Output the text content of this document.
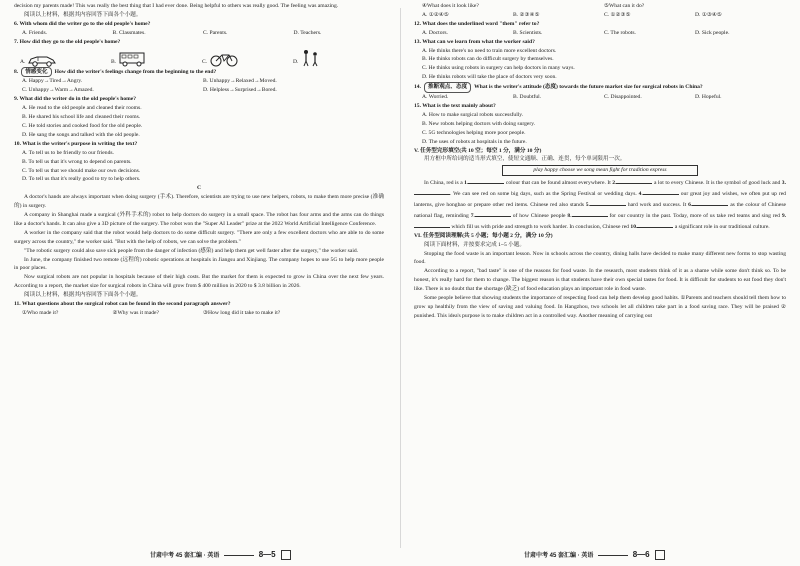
decision my parents made! This was really the best thing that I had ever done. Being helpful to others was really good. The feeling was amazing.

阅读以上材料，根据其内容回答下面各个小题。

6. With whom did the writer go to the old people's home?

A. Friends.	B. Classmates.	C. Parents.	D. Teachers.

7. How did they go to the old people's home?

A.	B.	C.	D.

8. 情感变化 How did the writer's feelings change from the beginning to the end?

A. Happy→Tired→Angry.	B. Unhappy→Relaxed→Moved.
C. Unhappy→Warm→Amazed.	D. Helpless→Surprised→Bored.

9. What did the writer do in the old people's home?

A. He read to the old people and cleaned their rooms.

B. He shared his school life and cleaned their rooms.

C. He told stories and cooked food for the old people.

D. He sang the songs and talked with the old people.

10. What is the writer's purpose in writing the text?

A. To tell us to be friendly to our friends.

B. To tell us that it's wrong to depend on parents.

C. To tell us that we should make our own decisions.

D. To tell us that it's really good to try to help others.

C

A doctor's hands are always important when doing surgery (手术). Therefore, scientists are trying to use new helpers, robots, to make them more precise (准确的) in surgery.

A company in Shanghai made a surgical (外科手术的) robot to help doctors do surgery in a small space. The robot has four arms and the arms can do things like a doctor's hands. It can also give a 3D picture of the surgery. The robot won the "Super AI Leader" prize at the 2022 World Artificial Intelligence Conference.

A worker in the company said that the robot would help doctors to do some difficult surgery. "There are only a few excellent doctors who are able to do some surgery across the country," the worker said. "But with the help of robots, we can solve the problem."

"The robotic surgery could also save sick people from the danger of infection (感染) and help them get well faster after the surgery," the worker said.

In June, the company finished two remote (远程的) robotic operations at hospitals in Jiangsu and Xinjiang. The company hopes to use 5G to help more people in poor places.

Now surgical robots are not popular in hospitals because of their high costs. But the market for them is expected to grow in China over the next few years. According to a report, the market size for surgical robots in China will grow from $ 400 million in 2020 to $ 3.8 billion in 2026.

阅读以上材料，根据其内容回答下面各个小题。

11. What questions about the surgical robot can be found in the second paragraph answer?

①Who made it?	②Why was it made?	③How long did it take to make it?
甘肃中考 45 套汇编 · 英语	8—5
④What does it look like?	⑤What can it do?
A. ①②④⑤	B. ②③④⑤	C. ①②③⑤	D. ①③④⑤

12. What does the underlined word "them" refer to?

A. Doctors.	B. Scientists.	C. The robots.	D. Sick people.

13. What can we learn from what the worker said?

A. He thinks there's no need to train more excellent doctors.

B. He thinks robots can do difficult surgery by themselves.

C. He thinks using robots in surgery can help doctors in many ways.

D. He thinks robots will take the place of doctors very soon.

14. 推断观点、态度 What is the writer's attitude (态度) towards the future market size for surgical robots in China?

A. Worried.	B. Doubtful.	C. Disappointed.	D. Hopeful.

15. What is the text mainly about?

A. How to make surgical robots successfully.

B. New robots helping doctors with doing surgery.

C. 5G technologies helping more poor people.

D. The uses of robots at hospitals in the future.

V. 任务型完形填空(共 10 空；每空 1 分，满分 10 分)

用方框中所给词的适当形式填空，使短文通顺、正确、连贯，每个单词限用一次。

play happy choose we song mean fight for tradition express

In China, red is a 1.	colour that can be found almost everywhere. It 2.	a lot to every Chinese. It is the symbol of good luck and 3.. We can see red on some big days, such as the Spring Festival or wedding days. 4.	our great joy and wishes, we often put up red lanterns, give hongbao or prepare other red items. Chinese red also stands 5.	hard work and success. It 6.	as the colour of Chinese national flag, reminding 7.	of how Chinese people 8.	for our country in the past. Today, more of us take red teams and sing red 9. which fill us with pride and strength to work harder. In conclusion, Chinese red 10.	a significant role in our traditional culture.

VI. 任务型阅读理解(共 5 小题；每小题 2 分，满分 10 分)

阅读下面材料，并按要求完成 1~5 小题。

Stopping the food waste is an important lesson. Now in schools across the country, dining halls have decided to make many different new forms to stop wasting food.

According to a report, "bad taste" is one of the reasons for food waste. In the research, most students think of it as a shame while some don't think so. To be honest, it's really hard for them to change. The biggest reason is that students have their own special tastes for food. It is difficult for students to eat food they don't like. There is no doubt that the shortage (缺乏) of food education plays an important role in food waste.

Some people believe that showing students the importance of respecting food can help them develop good habits. ①Parents and teachers should tell them how to grow up healthily from the view of saving and valuing food. In Hangzhou, two schools let all children take part in a food saving race. They will be praised ② punished. This idea's purpose is to make children act in a controlled way. Another meaning of carrying out

甘肃中考 45 套汇编 · 英语	8—6
